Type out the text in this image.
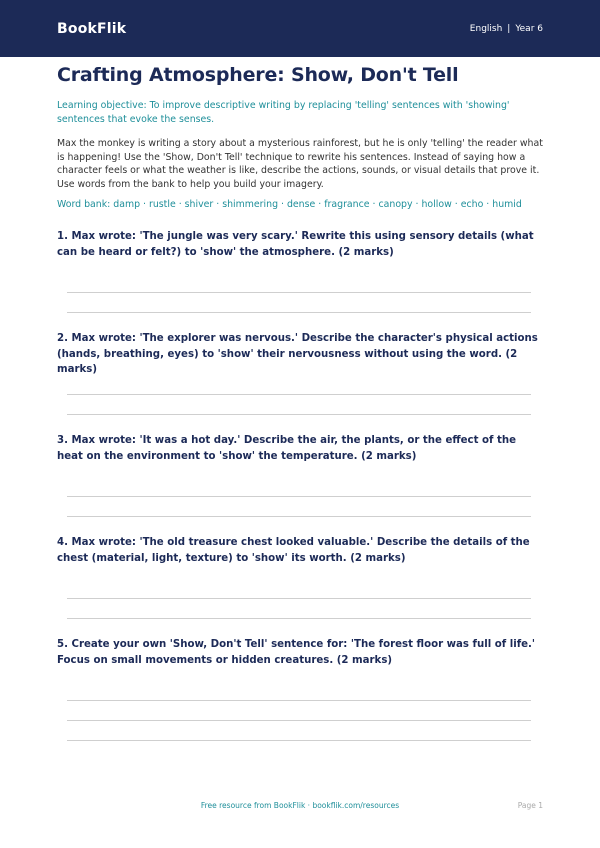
BookFlik	English | Year 6
Crafting Atmosphere: Show, Don't Tell

Learning objective: To improve descriptive writing by replacing 'telling' sentences with 'showing' sentences that evoke the senses.

Max the monkey is writing a story about a mysterious rainforest, but he is only 'telling' the reader what is happening! Use the 'Show, Don't Tell' technique to rewrite his sentences. Instead of saying how a character feels or what the weather is like, describe the actions, sounds, or visual details that prove it. Use words from the bank to help you build your imagery.

Word bank: damp · rustle · shiver · shimmering · dense · fragrance · canopy · hollow · echo · humid

1. Max wrote: 'The jungle was very scary.' Rewrite this using sensory details (what can be heard or felt?) to 'show' the atmosphere. (2 marks)

2. Max wrote: 'The explorer was nervous.' Describe the character's physical actions (hands, breathing, eyes) to 'show' their nervousness without using the word. (2 marks)

3. Max wrote: 'It was a hot day.' Describe the air, the plants, or the effect of the heat on the environment to 'show' the temperature. (2 marks)

4. Max wrote: 'The old treasure chest looked valuable.' Describe the details of the chest (material, light, texture) to 'show' its worth. (2 marks)

5. Create your own 'Show, Don't Tell' sentence for: 'The forest floor was full of life.' Focus on small movements or hidden creatures. (2 marks)

Free resource from BookFlik · bookflik.com/resources	Page 1
